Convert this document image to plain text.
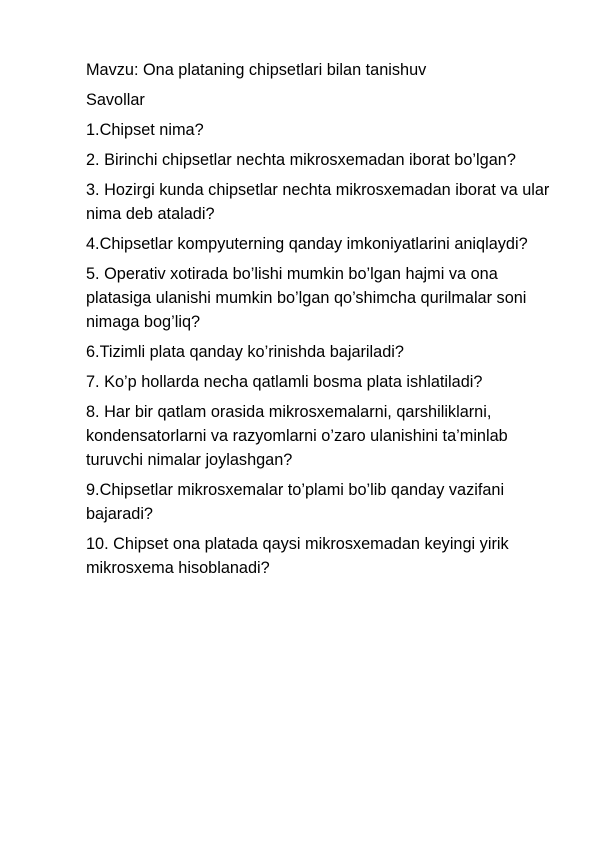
Mavzu: Ona plataning chipsetlari bilan tanishuv

Savollar

1.Chipset nima?

2. Birinchi chipsetlar nechta mikrosxemadan iborat bo’lgan?

3. Hozirgi kunda chipsetlar nechta mikrosxemadan iborat va ular nima deb ataladi?

4.Chipsetlar kompyuterning qanday imkoniyatlarini aniqlaydi?

5. Operativ xotirada bo’lishi mumkin bo’lgan hajmi va ona platasiga ulanishi mumkin bo’lgan qo’shimcha qurilmalar soni nimaga bog’liq?

6.Tizimli plata qanday ko’rinishda bajariladi?

7. Ko’p hollarda necha qatlamli bosma plata ishlatiladi?

8. Har bir qatlam orasida mikrosxemalarni, qarshiliklarni, kondensatorlarni va razyomlarni o’zaro ulanishini ta’minlab turuvchi nimalar joylashgan?

9.Chipsetlar mikrosxemalar to’plami bo’lib qanday vazifani bajaradi?

10. Chipset ona platada qaysi mikrosxemadan keyingi yirik mikrosxema hisoblanadi?
